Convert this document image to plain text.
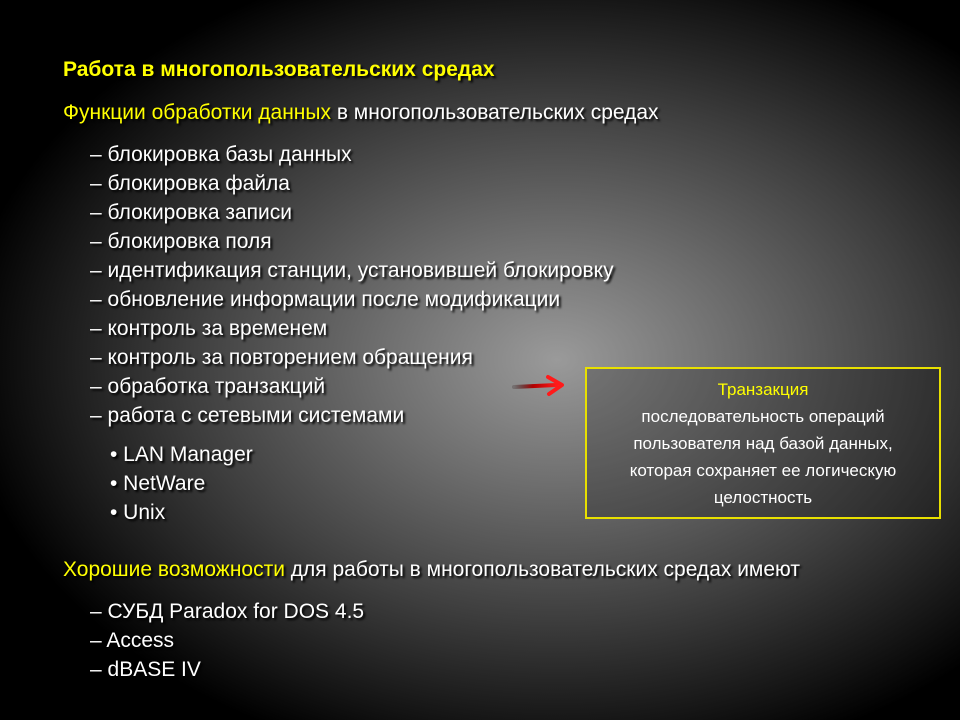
Работа в многопользовательских средах
Функции обработки данных в многопользовательских средах
– блокировка базы данных
– блокировка файла
– блокировка записи
– блокировка поля
– идентификация станции, установившей блокировку
– обновление информации после модификации
– контроль за временем
– контроль за повторением обращения
– обработка транзакций
– работа с сетевыми системами
• LAN Manager
• NetWare
• Unix
Транзакция
последовательность операций
пользователя над базой данных,
которая сохраняет ее логическую
целостность
Хорошие возможности для работы в многопользовательских средах имеют
– СУБД Paradox for DOS 4.5
– Access
– dBASE IV
